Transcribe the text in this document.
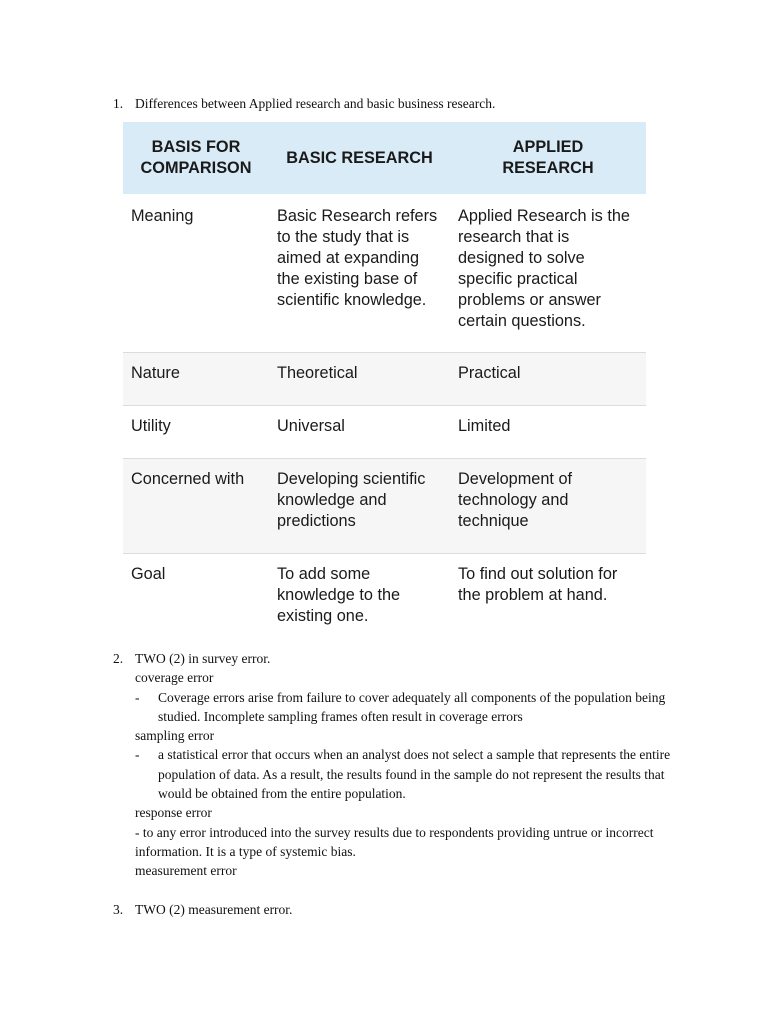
1. Differences between Applied research and basic business research.
BASIS FOR COMPARISON	BASIC RESEARCH	APPLIED RESEARCH
Meaning	Basic Research refers to the study that is aimed at expanding the existing base of scientific knowledge.	Applied Research is the research that is designed to solve specific practical problems or answer certain questions.
Nature	Theoretical	Practical
Utility	Universal	Limited
Concerned with	Developing scientific knowledge and predictions	Development of technology and technique
Goal	To add some knowledge to the existing one.	To find out solution for the problem at hand.
2. TWO (2) in survey error.
coverage error
- Coverage errors arise from failure to cover adequately all components of the population being studied. Incomplete sampling frames often result in coverage errors
sampling error
- a statistical error that occurs when an analyst does not select a sample that represents the entire population of data. As a result, the results found in the sample do not represent the results that would be obtained from the entire population.
response error
- to any error introduced into the survey results due to respondents providing untrue or incorrect information. It is a type of systemic bias.
measurement error
3. TWO (2) measurement error.
